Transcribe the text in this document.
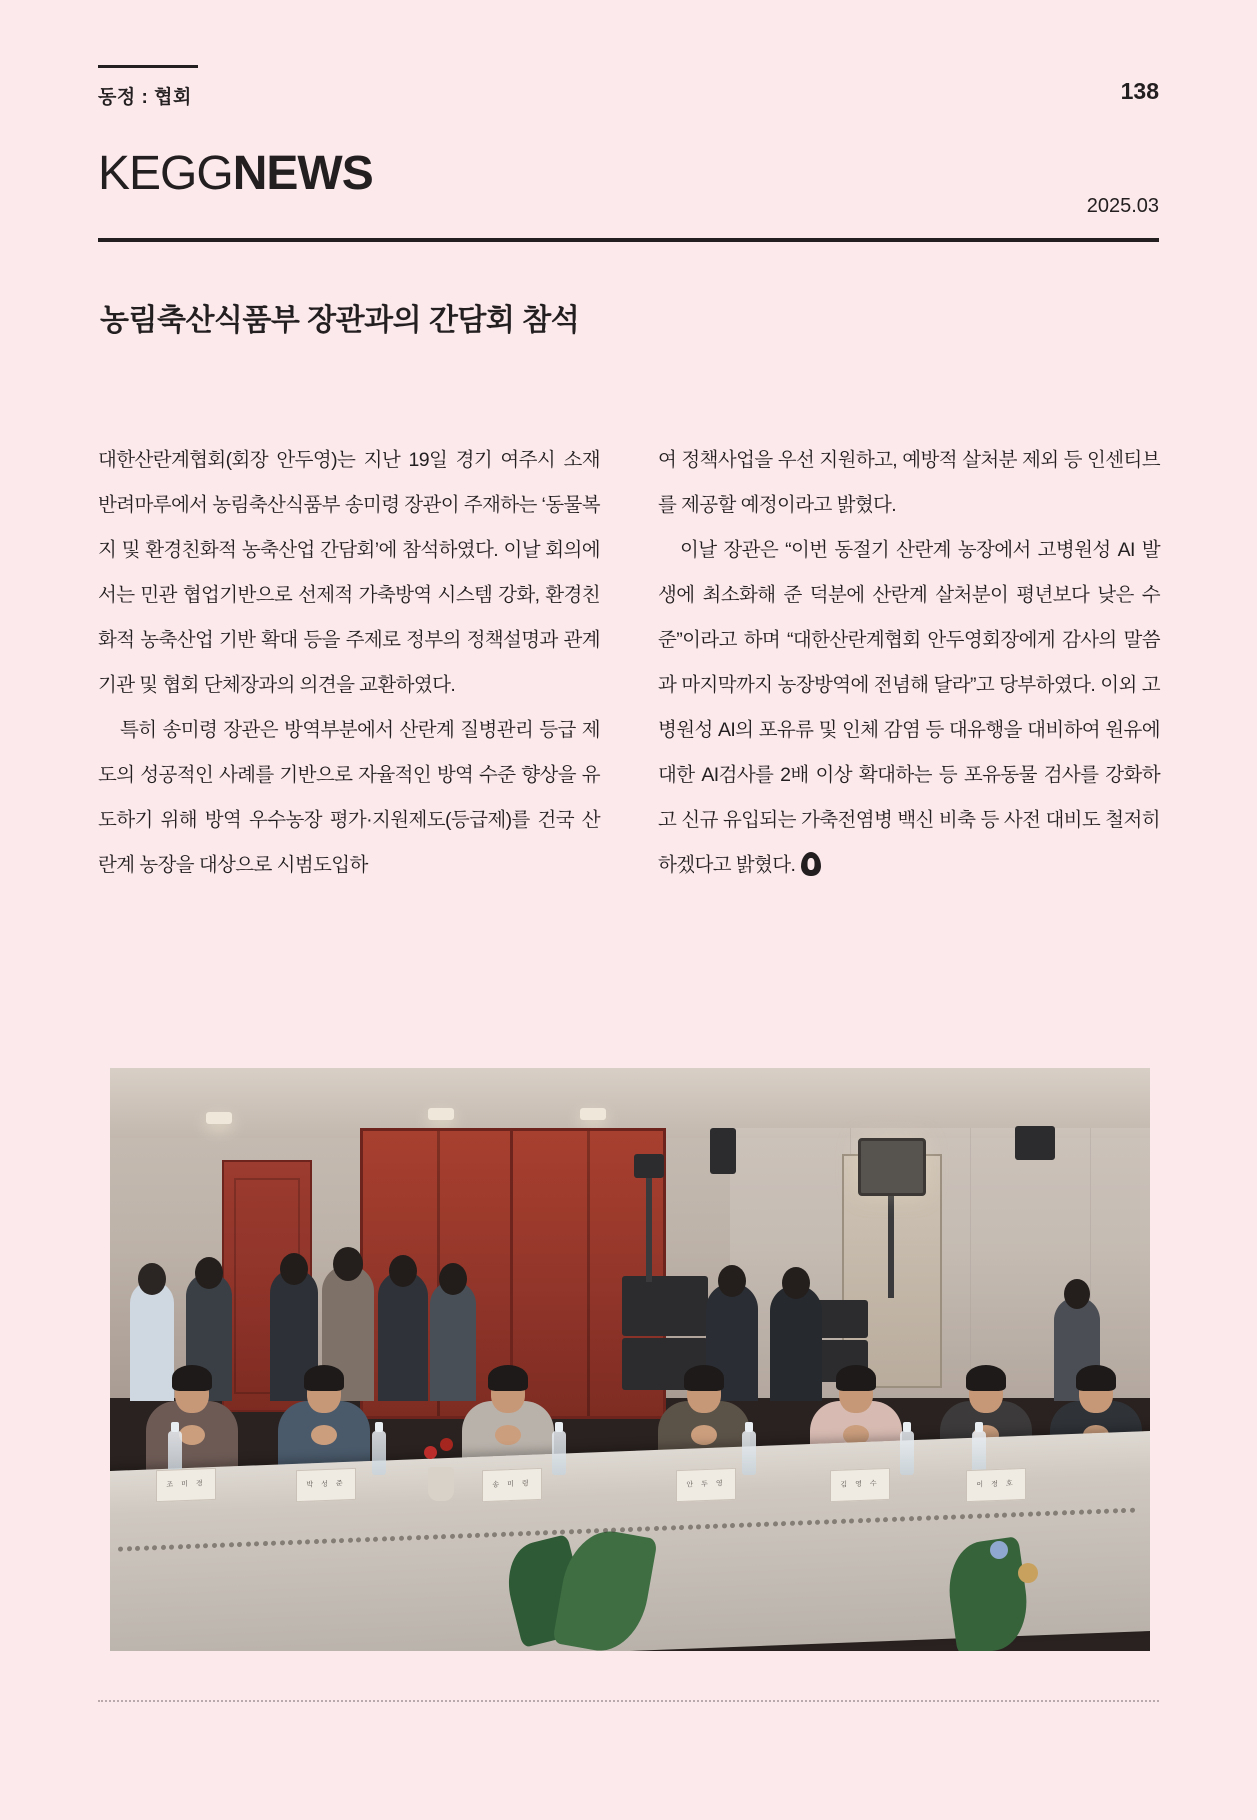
동정 : 협회	138
KEGGNEWS
2025.03
농림축산식품부 장관과의 간담회 참석

대한산란계협회(회장 안두영)는 지난 19일 경기 여주시 소재 반려마루에서 농림축산식품부 송미령 장관이 주재하는 ‘동물복지 및 환경친화적 농축산업 간담회’에 참석하였다. 이날 회의에서는 민관 협업기반으로 선제적 가축방역 시스템 강화, 환경친화적 농축산업 기반 확대 등을 주제로 정부의 정책설명과 관계기관 및 협회 단체장과의 의견을 교환하였다.

특히 송미령 장관은 방역부분에서 산란계 질병관리 등급 제도의 성공적인 사례를 기반으로 자율적인 방역 수준 향상을 유도하기 위해 방역 우수농장 평가·지원제도(등급제)를 건국 산란계 농장을 대상으로 시범도입하

여 정책사업을 우선 지원하고, 예방적 살처분 제외 등 인센티브를 제공할 예정이라고 밝혔다.

이날 장관은 “이번 동절기 산란계 농장에서 고병원성 AI 발생에 최소화해 준 덕분에 산란계 살처분이 평년보다 낮은 수준”이라고 하며 “대한산란계협회 안두영회장에게 감사의 말씀과 마지막까지 농장방역에 전념해 달라”고 당부하였다. 이외 고병원성 AI의 포유류 및 인체 감염 등 대유행을 대비하여 원유에 대한 AI검사를 2배 이상 확대하는 등 포유동물 검사를 강화하고 신규 유입되는 가축전염병 백신 비축 등 사전 대비도 철저히 하겠다고 밝혔다.

조 미 경	박 성 준	송 미 령	안 두 영	김 영 수	이 정 호
